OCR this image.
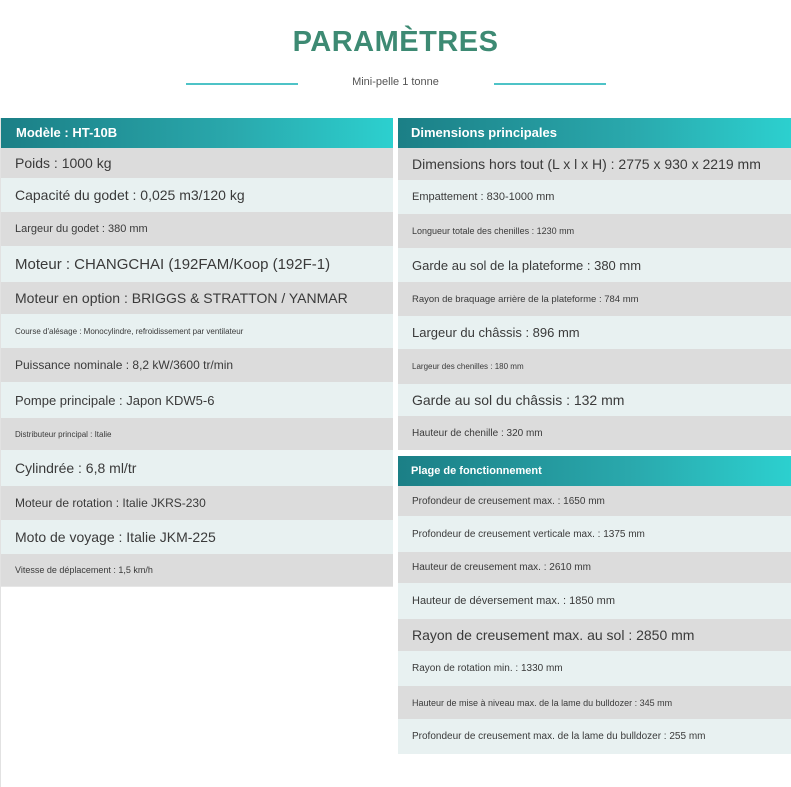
PARAMÈTRES
Mini-pelle 1 tonne
Modèle : HT-10B
Poids : 1000 kg
Capacité du godet : 0,025 m3/120 kg
Largeur du godet : 380 mm
Moteur : CHANGCHAI (192FAM/Koop (192F-1)
Moteur en option : BRIGGS & STRATTON / YANMAR
Course d'alésage : Monocylindre, refroidissement par ventilateur
Puissance nominale : 8,2 kW/3600 tr/min
Pompe principale : Japon KDW5-6
Distributeur principal : Italie
Cylindrée : 6,8 ml/tr
Moteur de rotation : Italie JKRS-230
Moto de voyage : Italie JKM-225
Vitesse de déplacement : 1,5 km/h
Dimensions principales
Dimensions hors tout (L x l x H) : 2775 x 930 x 2219 mm
Empattement : 830-1000 mm
Longueur totale des chenilles : 1230 mm
Garde au sol de la plateforme : 380 mm
Rayon de braquage arrière de la plateforme : 784 mm
Largeur du châssis : 896 mm
Largeur des chenilles : 180 mm
Garde au sol du châssis : 132 mm
Hauteur de chenille : 320 mm
Plage de fonctionnement
Profondeur de creusement max. : 1650 mm
Profondeur de creusement verticale max. : 1375 mm
Hauteur de creusement max. : 2610 mm
Hauteur de déversement max. : 1850 mm
Rayon de creusement max. au sol : 2850 mm
Rayon de rotation min. : 1330 mm
Hauteur de mise à niveau max. de la lame du bulldozer : 345 mm
Profondeur de creusement max. de la lame du bulldozer : 255 mm
